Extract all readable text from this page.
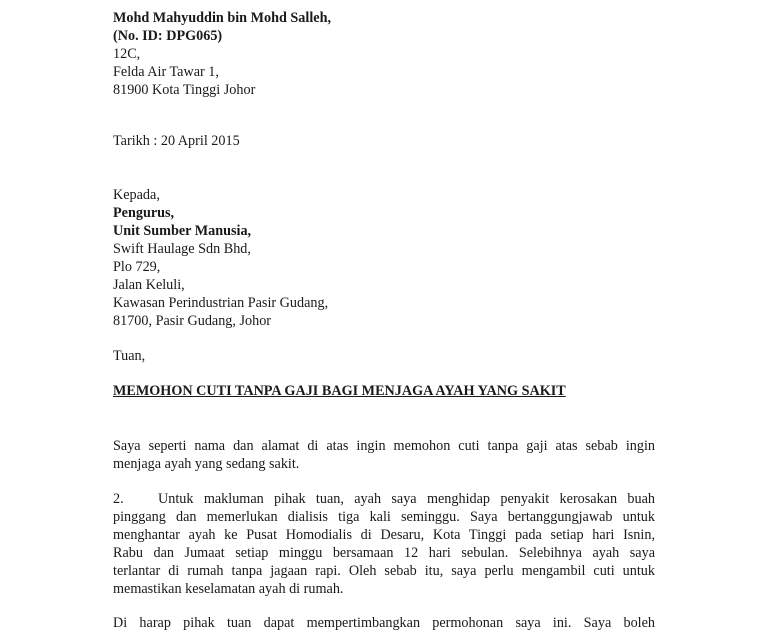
Mohd Mahyuddin bin Mohd Salleh,
(No. ID: DPG065)
12C,
Felda Air Tawar 1,
81900 Kota Tinggi Johor
Tarikh : 20 April 2015
Kepada,
Pengurus,
Unit Sumber Manusia,
Swift Haulage Sdn Bhd,
Plo 729,
Jalan Keluli,
Kawasan Perindustrian Pasir Gudang,
81700, Pasir Gudang, Johor
Tuan,
MEMOHON CUTI TANPA GAJI BAGI MENJAGA AYAH YANG SAKIT
Saya seperti nama dan alamat di atas ingin memohon cuti tanpa gaji atas sebab ingin
menjaga ayah yang sedang sakit.
2. Untuk makluman pihak tuan, ayah saya menghidap penyakit kerosakan buah
pinggang dan memerlukan dialisis tiga kali seminggu. Saya bertanggungjawab untuk
menghantar ayah ke Pusat Homodialis di Desaru, Kota Tinggi pada setiap hari Isnin,
Rabu dan Jumaat setiap minggu bersamaan 12 hari sebulan. Selebihnya ayah saya
terlantar di rumah tanpa jagaan rapi. Oleh sebab itu, saya perlu mengambil cuti untuk
memastikan keselamatan ayah di rumah.
Di harap pihak tuan dapat mempertimbangkan permohonan saya ini. Saya boleh
